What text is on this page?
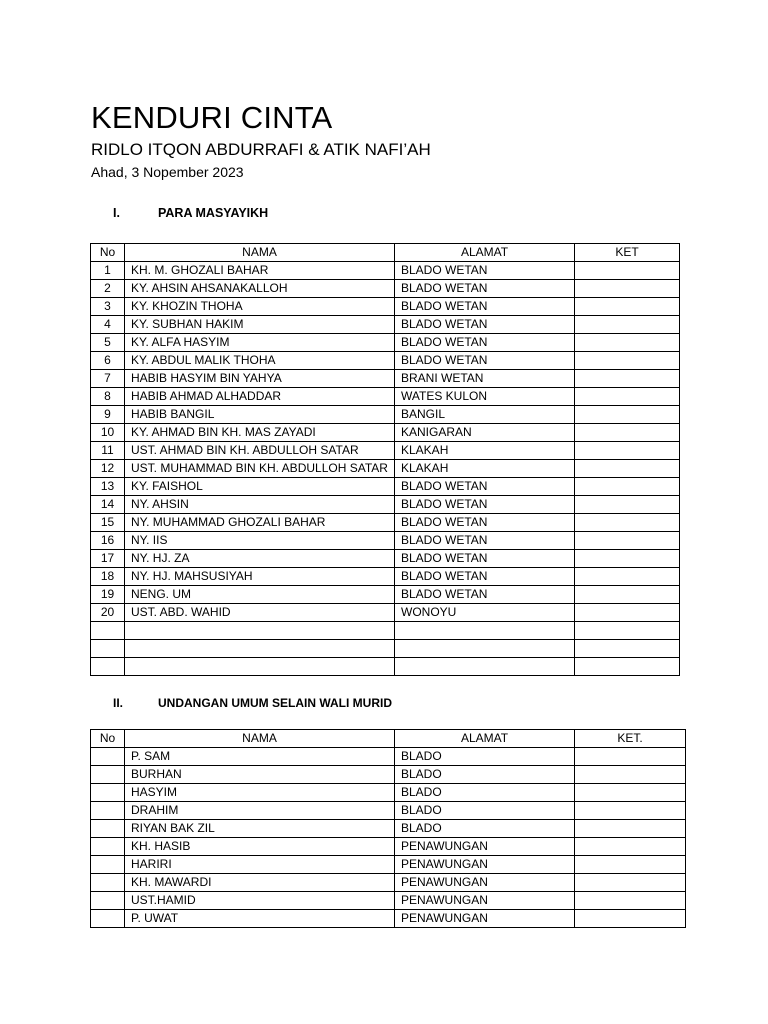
KENDURI CINTA
RIDLO ITQON ABDURRAFI & ATIK NAFI’AH
Ahad, 3 Nopember 2023
I.	PARA MASYAYIKH
No	NAMA	ALAMAT	KET
1	KH. M. GHOZALI BAHAR	BLADO WETAN	
2	KY. AHSIN AHSANAKALLOH	BLADO WETAN	
3	KY. KHOZIN THOHA	BLADO WETAN	
4	KY. SUBHAN HAKIM	BLADO WETAN	
5	KY. ALFA HASYIM	BLADO WETAN	
6	KY. ABDUL MALIK THOHA	BLADO WETAN	
7	HABIB HASYIM BIN YAHYA	BRANI WETAN	
8	HABIB AHMAD ALHADDAR	WATES KULON	
9	HABIB BANGIL	BANGIL	
10	KY. AHMAD BIN KH. MAS ZAYADI	KANIGARAN	
11	UST. AHMAD BIN KH. ABDULLOH SATAR	KLAKAH	
12	UST. MUHAMMAD BIN KH. ABDULLOH SATAR	KLAKAH	
13	KY. FAISHOL	BLADO WETAN	
14	NY. AHSIN	BLADO WETAN	
15	NY. MUHAMMAD GHOZALI BAHAR	BLADO WETAN	
16	NY. IIS	BLADO WETAN	
17	NY. HJ. ZA	BLADO WETAN	
18	NY. HJ. MAHSUSIYAH	BLADO WETAN	
19	NENG. UM	BLADO WETAN	
20	UST. ABD. WAHID	WONOYU	

II.	UNDANGAN UMUM SELAIN WALI MURID
No	NAMA	ALAMAT	KET.
	P. SAM	BLADO	
	BURHAN	BLADO	
	HASYIM	BLADO	
	DRAHIM	BLADO	
	RIYAN BAK ZIL	BLADO	
	KH. HASIB	PENAWUNGAN	
	HARIRI	PENAWUNGAN	
	KH. MAWARDI	PENAWUNGAN	
	UST.HAMID	PENAWUNGAN	
	P. UWAT	PENAWUNGAN	
